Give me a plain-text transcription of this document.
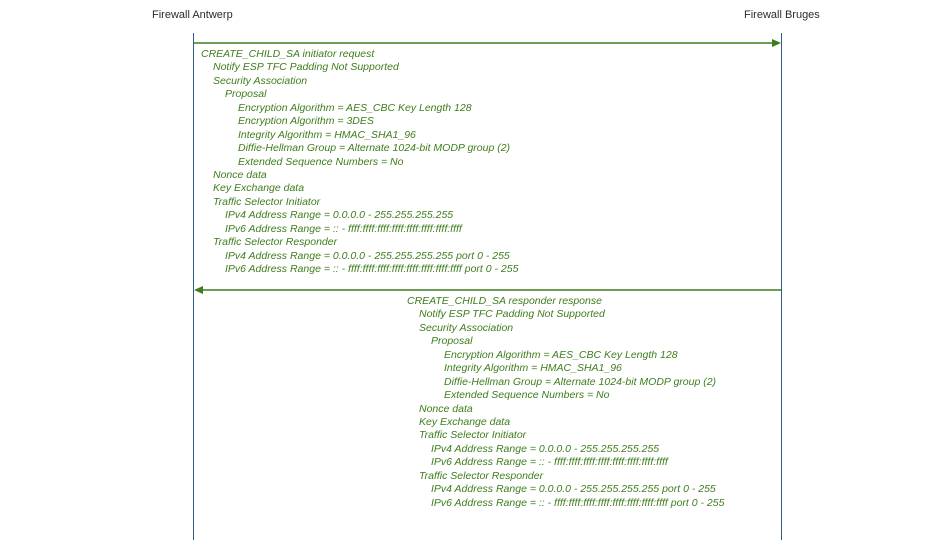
Firewall Antwerp	Firewall Bruges
CREATE_CHILD_SA initiator request
Notify ESP TFC Padding Not Supported
Security Association
Proposal
Encryption Algorithm = AES_CBC Key Length 128
Encryption Algorithm = 3DES
Integrity Algorithm = HMAC_SHA1_96
Diffie-Hellman Group = Alternate 1024-bit MODP group (2)
Extended Sequence Numbers = No
Nonce data
Key Exchange data
Traffic Selector Initiator
IPv4 Address Range = 0.0.0.0 - 255.255.255.255
IPv6 Address Range = :: - ffff:ffff:ffff:ffff:ffff:ffff:ffff:ffff
Traffic Selector Responder
IPv4 Address Range = 0.0.0.0 - 255.255.255.255 port 0 - 255
IPv6 Address Range = :: - ffff:ffff:ffff:ffff:ffff:ffff:ffff:ffff port 0 - 255
CREATE_CHILD_SA responder response
Notify ESP TFC Padding Not Supported
Security Association
Proposal
Encryption Algorithm = AES_CBC Key Length 128
Integrity Algorithm = HMAC_SHA1_96
Diffie-Hellman Group = Alternate 1024-bit MODP group (2)
Extended Sequence Numbers = No
Nonce data
Key Exchange data
Traffic Selector Initiator
IPv4 Address Range = 0.0.0.0 - 255.255.255.255
IPv6 Address Range = :: - ffff:ffff:ffff:ffff:ffff:ffff:ffff:ffff
Traffic Selector Responder
IPv4 Address Range = 0.0.0.0 - 255.255.255.255 port 0 - 255
IPv6 Address Range = :: - ffff:ffff:ffff:ffff:ffff:ffff:ffff:ffff port 0 - 255
